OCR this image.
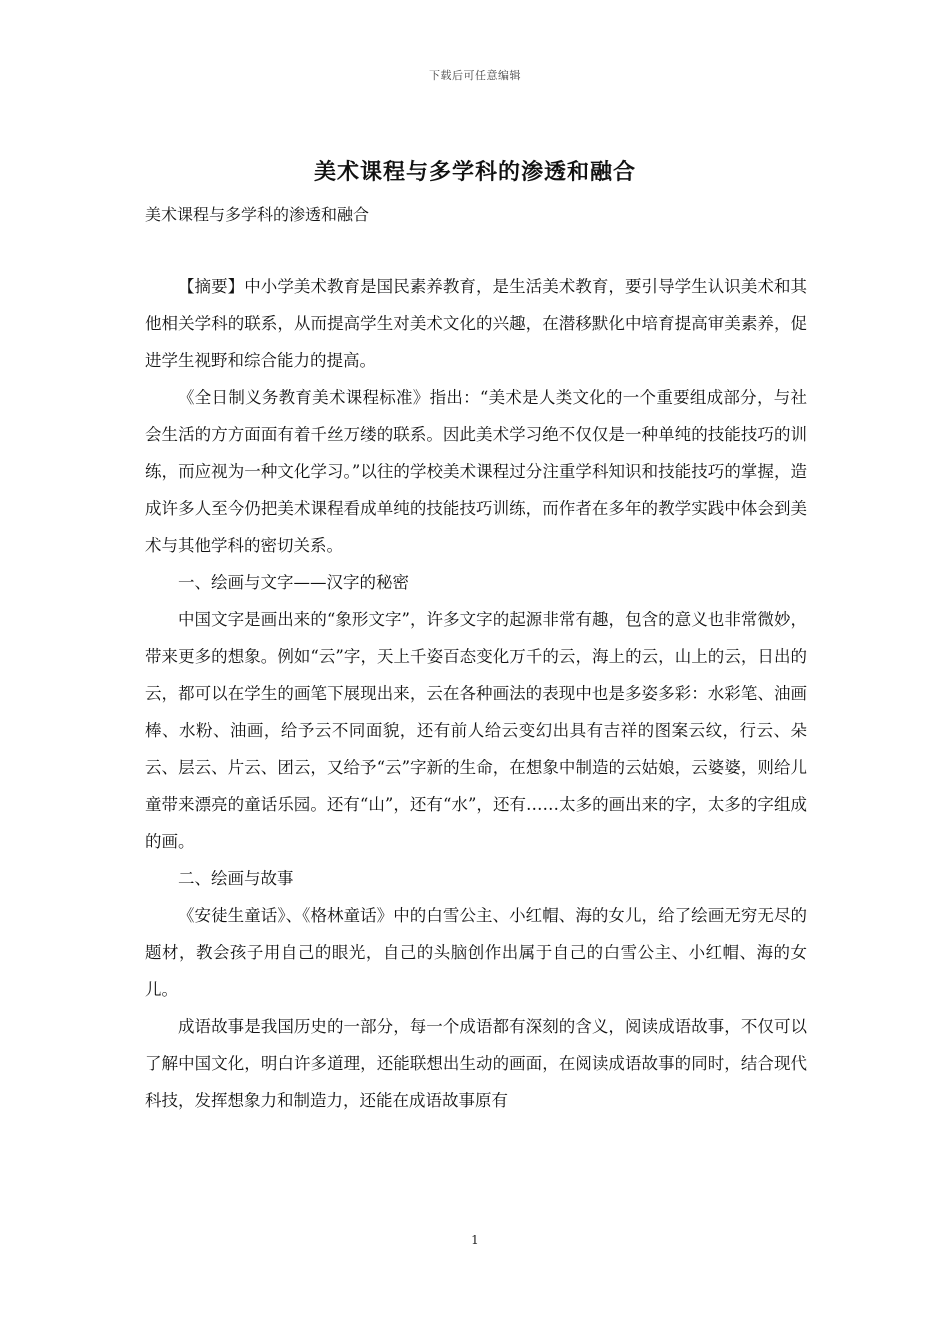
下载后可任意编辑
美术课程与多学科的渗透和融合
美术课程与多学科的渗透和融合

【摘要】中小学美术教育是国民素养教育，是生活美术教育，要引导学生认识美术和其他相关学科的联系，从而提高学生对美术文化的兴趣，在潜移默化中培育提高审美素养，促进学生视野和综合能力的提高。

《全日制义务教育美术课程标准》指出：“美术是人类文化的一个重要组成部分，与社会生活的方方面面有着千丝万缕的联系。因此美术学习绝不仅仅是一种单纯的技能技巧的训练，而应视为一种文化学习。”以往的学校美术课程过分注重学科知识和技能技巧的掌握，造成许多人至今仍把美术课程看成单纯的技能技巧训练，而作者在多年的教学实践中体会到美术与其他学科的密切关系。

一、绘画与文字——汉字的秘密

中国文字是画出来的“象形文字”，许多文字的起源非常有趣，包含的意义也非常微妙，带来更多的想象。例如“云”字，天上千姿百态变化万千的云，海上的云，山上的云，日出的云，都可以在学生的画笔下展现出来，云在各种画法的表现中也是多姿多彩：水彩笔、油画棒、水粉、油画，给予云不同面貌，还有前人给云变幻出具有吉祥的图案云纹，行云、朵云、层云、片云、团云，又给予“云”字新的生命，在想象中制造的云姑娘，云婆婆，则给儿童带来漂亮的童话乐园。还有“山”，还有“水”，还有……太多的画出来的字，太多的字组成的画。

二、绘画与故事

《安徒生童话》、《格林童话》中的白雪公主、小红帽、海的女儿，给了绘画无穷无尽的题材，教会孩子用自己的眼光，自己的头脑创作出属于自己的白雪公主、小红帽、海的女儿。

成语故事是我国历史的一部分，每一个成语都有深刻的含义，阅读成语故事，不仅可以了解中国文化，明白许多道理，还能联想出生动的画面，在阅读成语故事的同时，结合现代科技，发挥想象力和制造力，还能在成语故事原有

1
